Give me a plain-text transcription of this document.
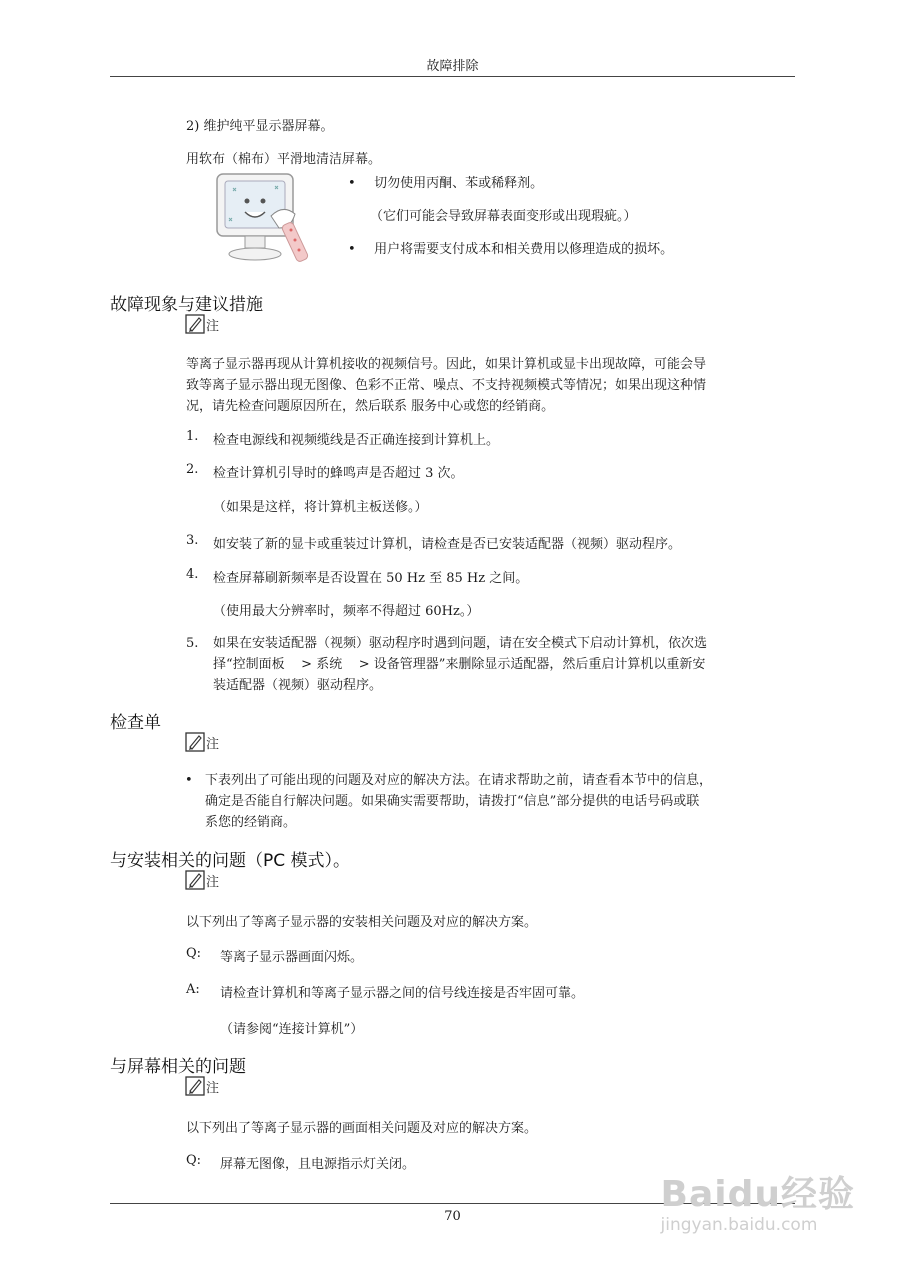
故障排除
2) 维护纯平显示器屏幕。
用软布（棉布）平滑地清洁屏幕。
• 切勿使用丙酮、苯或稀释剂。
（它们可能会导致屏幕表面变形或出现瑕疵。）
• 用户将需要支付成本和相关费用以修理造成的损坏。
故障现象与建议措施
注
等离子显示器再现从计算机接收的视频信号。因此，如果计算机或显卡出现故障，可能会导
致等离子显示器出现无图像、色彩不正常、噪点、不支持视频模式等情况；如果出现这种情
况，请先检查问题原因所在，然后联系 服务中心或您的经销商。
1. 检查电源线和视频缆线是否正确连接到计算机上。
2. 检查计算机引导时的蜂鸣声是否超过 3 次。
（如果是这样，将计算机主板送修。）
3. 如安装了新的显卡或重装过计算机，请检查是否已安装适配器（视频）驱动程序。
4. 检查屏幕刷新频率是否设置在 50 Hz 至 85 Hz 之间。
（使用最大分辨率时，频率不得超过 60Hz。）
5. 如果在安装适配器（视频）驱动程序时遇到问题，请在安全模式下启动计算机，依次选
择“控制面板    > 系统    > 设备管理器”来删除显示适配器，然后重启计算机以重新安
装适配器（视频）驱动程序。
检查单
注
• 下表列出了可能出现的问题及对应的解决方法。在请求帮助之前，请查看本节中的信息，
确定是否能自行解决问题。如果确实需要帮助，请拨打“信息”部分提供的电话号码或联
系您的经销商。
与安装相关的问题（PC 模式）。
注
以下列出了等离子显示器的安装相关问题及对应的解决方案。
Q: 等离子显示器画面闪烁。
A: 请检查计算机和等离子显示器之间的信号线连接是否牢固可靠。
（请参阅“连接计算机”）
与屏幕相关的问题
注
以下列出了等离子显示器的画面相关问题及对应的解决方案。
Q: 屏幕无图像，且电源指示灯关闭。
70
Baidu经验
jingyan.baidu.com
